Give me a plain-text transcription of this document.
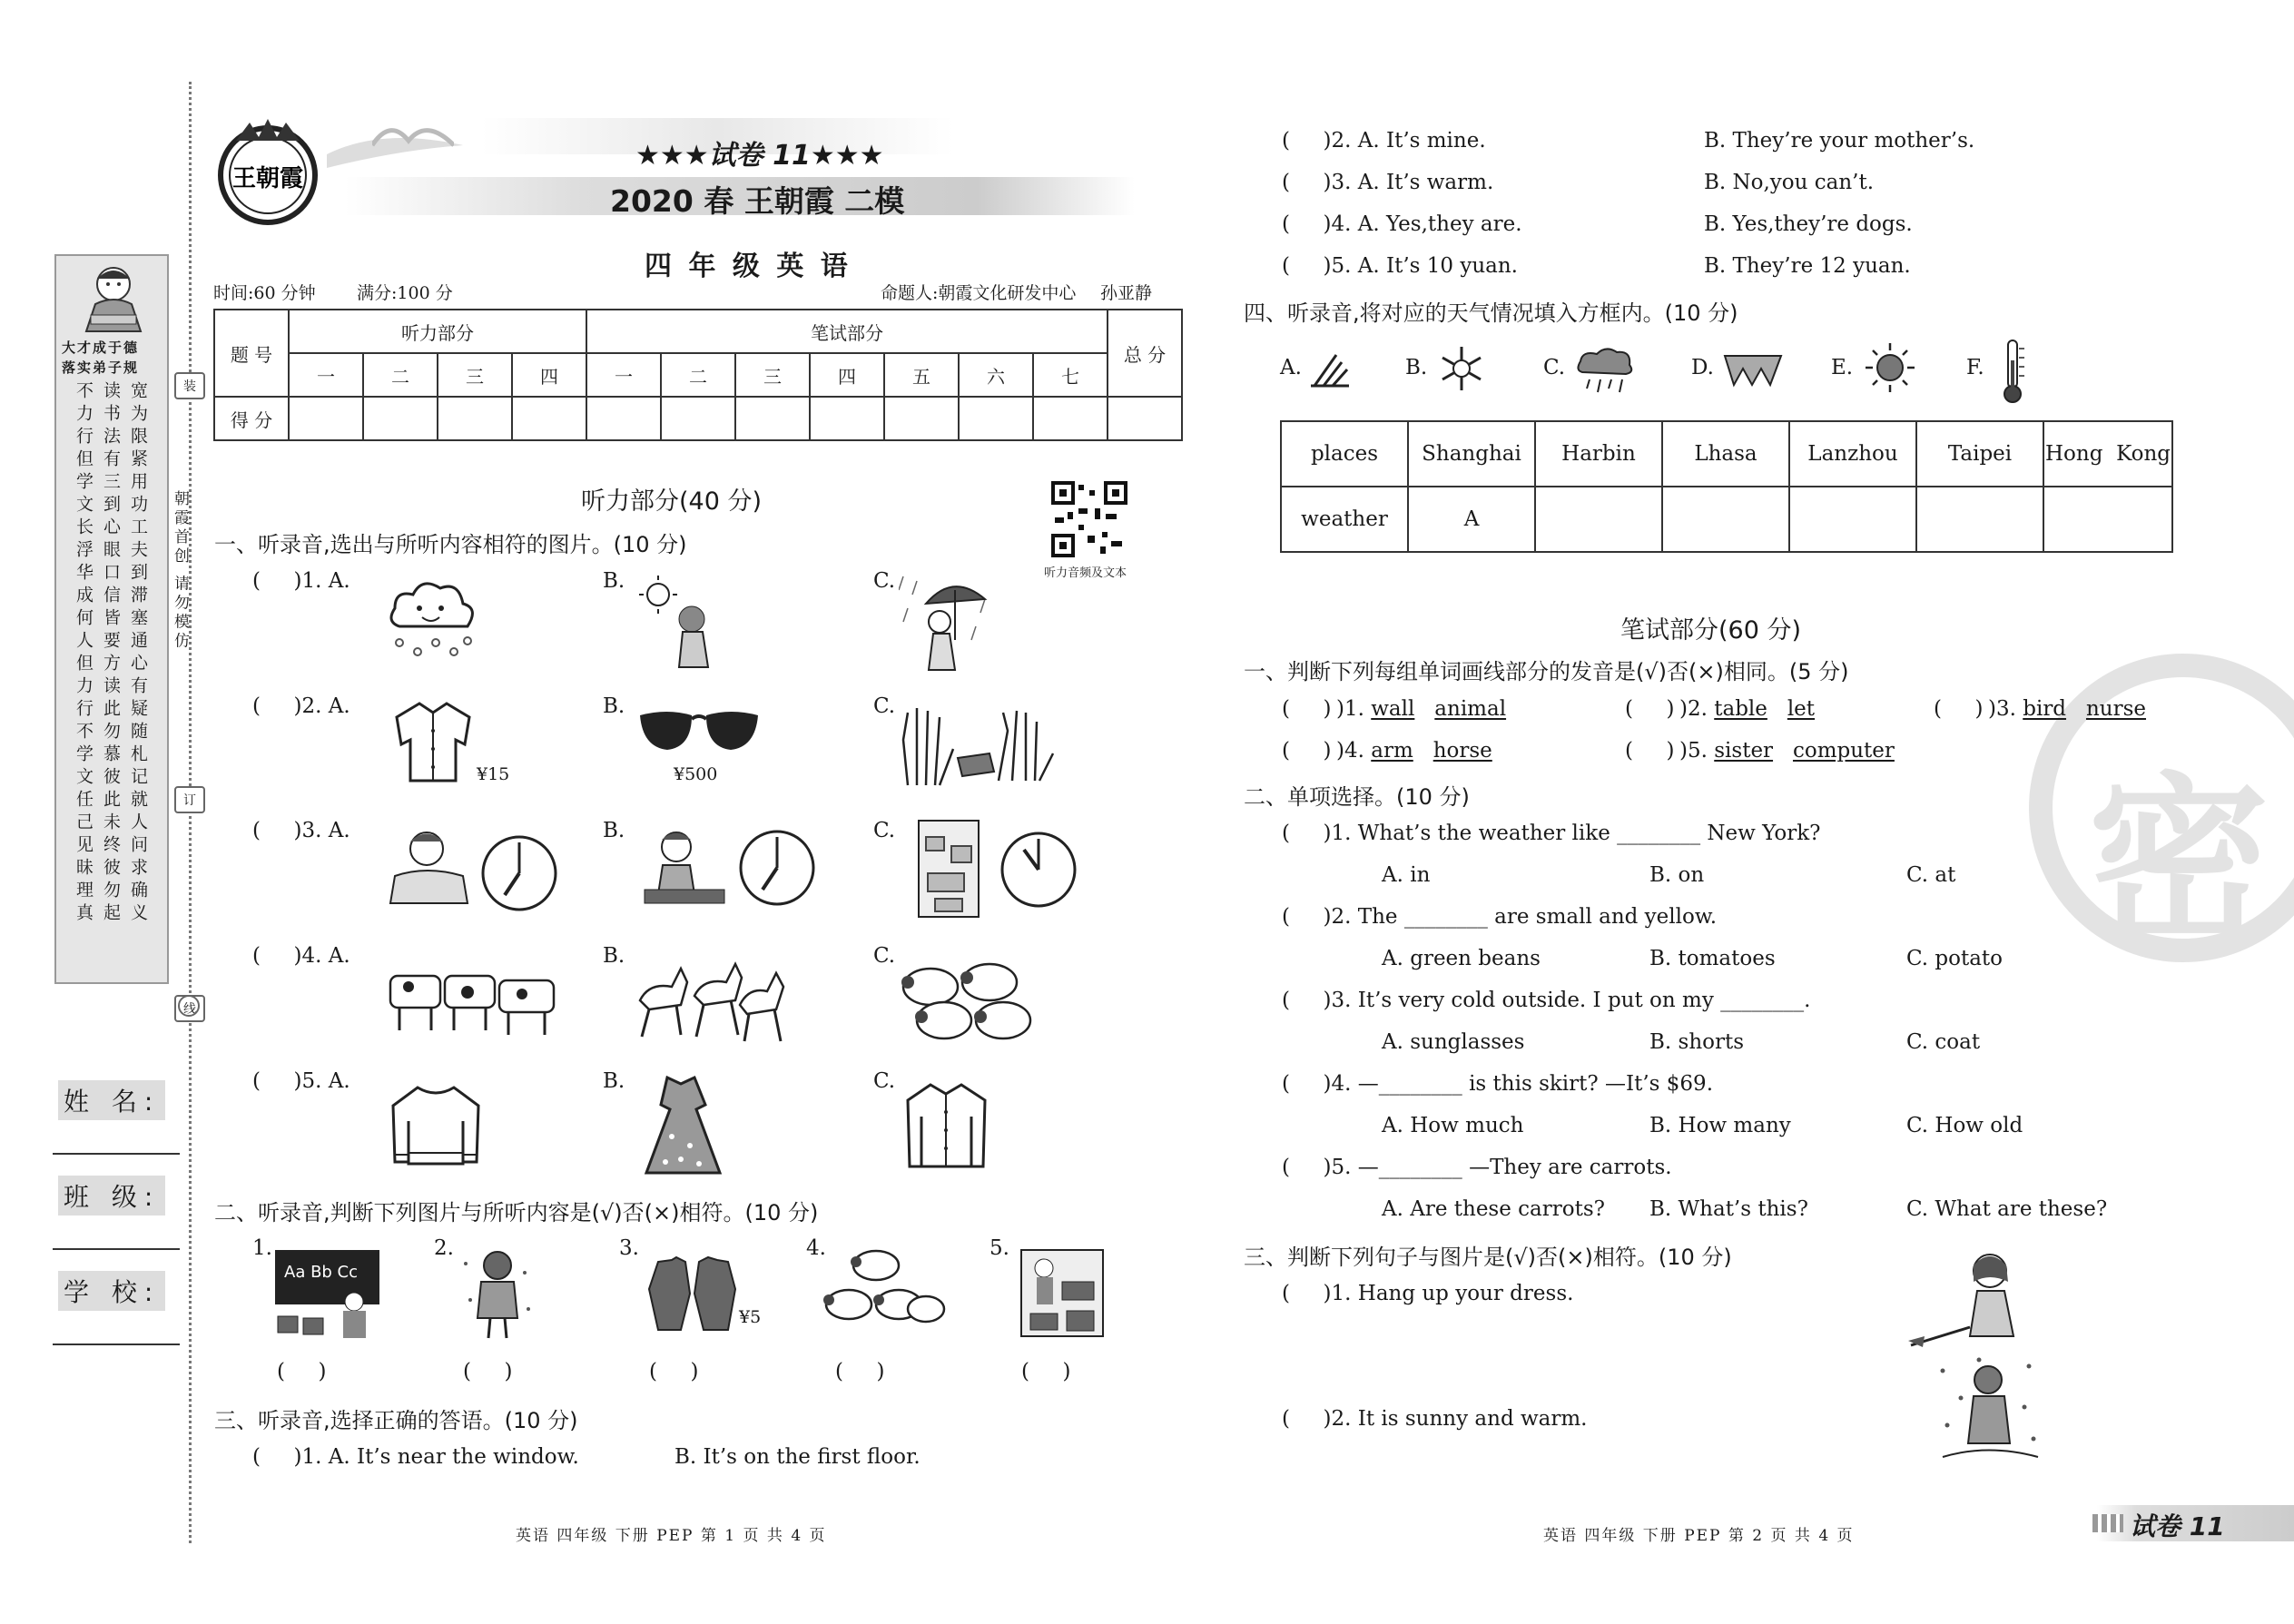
装
订
线
朝霞首创 请勿模仿
大才成于德
落实弟子规
不力行但学文长浮华成何人但力行不学文任己见昧理真 读书法有三到心眼口信皆要方读此勿慕彼此未终彼勿起 宽为限紧用功工夫到滞塞通心有疑随札记就人问求确义
姓 名:
班 级:
学 校:
王朝霞
★★★试卷 11★★★
2020 春 王朝霞 二模
四 年 级 英 语
时间:60 分钟 满分:100 分	命题人:朝霞文化研发中心 孙亚静
题 号	听力部分				笔试部分							总 分
	一	二	三	四	一	二	三	四	五	六	七	
得 分												
听力部分(40 分)
听力音频及文本
一、听录音,选出与所听内容相符的图片。(10 分)
(     )1. A.	B.	C.
(     )2. A.	B.	C.
¥15	¥500
(     )3. A.	B.	C.
(     )4. A.	B.	C.
(     )5. A.	B.	C.
二、听录音,判断下列图片与所听内容是(√)否(×)相符。(10 分)
1.	2.	3.	4.	5.
Aa Bb Cc
¥5
(     )	(     )	(     )	(     )	(     )
三、听录音,选择正确的答语。(10 分)
(     )1. A. It’s near the window.	B. It’s on the first floor.
英语 四年级 下册 PEP 第 1 页 共 4 页
(     )2. A. It’s mine.	B. They’re your mother’s.
(     )3. A. It’s warm.	B. No,you can’t.
(     )4. A. Yes,they are.	B. Yes,they’re dogs.
(     )5. A. It’s 10 yuan.	B. They’re 12 yuan.
四、听录音,将对应的天气情况填入方框内。(10 分)
A.	B.	C.	D.	E.	F.
places	Shanghai	Harbin	Lhasa	Lanzhou	Taipei	Hong  Kong
weather	A					
密
笔试部分(60 分)
一、判断下列每组单词画线部分的发音是(√)否(×)相同。(5 分)
(     ) )1. wall animal	(     ) )2. table let	(     ) )3. bird nurse
(     ) )4. arm horse	(     ) )5. sister computer
二、单项选择。(10 分)
(     )1. What’s the weather like ________ New York?
A. in	B. on	C. at
(     )2. The ________ are small and yellow.
A. green beans	B. tomatoes	C. potato
(     )3. It’s very cold outside. I put on my ________.
A. sunglasses	B. shorts	C. coat
(     )4. —________ is this skirt? —It’s $69.
A. How much	B. How many	C. How old
(     )5. —________ —They are carrots.
A. Are these carrots? B. What’s this?	C. What are these?
三、判断下列句子与图片是(√)否(×)相符。(10 分)
(     )1. Hang up your dress.
(     )2. It is sunny and warm.
英语 四年级 下册 PEP 第 2 页 共 4 页	试卷 11
